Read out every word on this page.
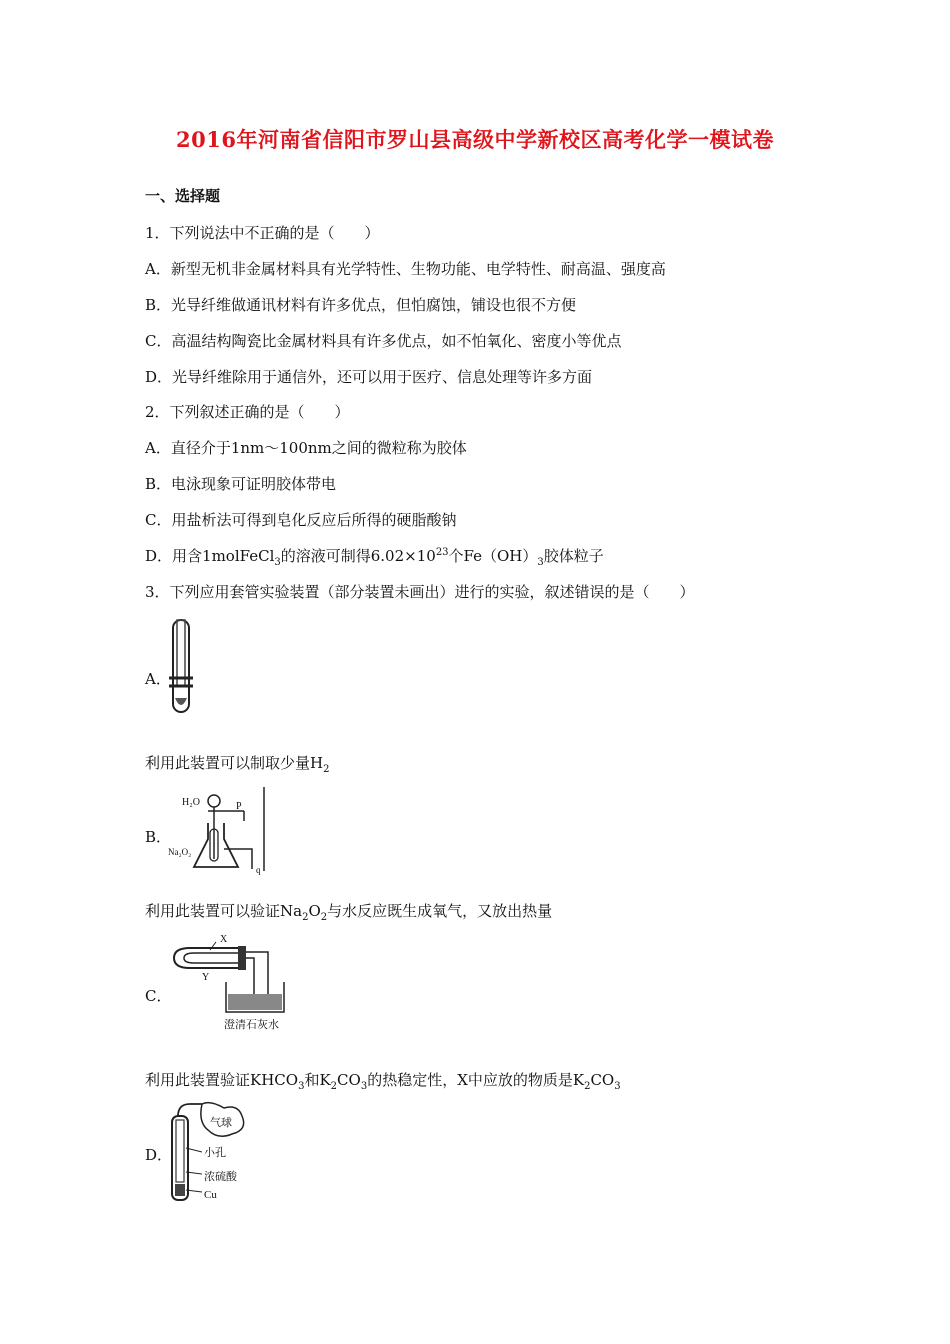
2016年河南省信阳市罗山县高级中学新校区高考化学一模试卷
一、选择题
1．下列说法中不正确的是（　　）
A．新型无机非金属材料具有光学特性、生物功能、电学特性、耐高温、强度高
B．光导纤维做通讯材料有许多优点，但怕腐蚀，铺设也很不方便
C．高温结构陶瓷比金属材料具有许多优点，如不怕氧化、密度小等优点
D．光导纤维除用于通信外，还可以用于医疗、信息处理等许多方面
2．下列叙述正确的是（　　）
A．直径介于1nm～100nm之间的微粒称为胶体
B．电泳现象可证明胶体带电
C．用盐析法可得到皂化反应后所得的硬脂酸钠
D．用含1molFeCl$_3$的溶液可制得$6.02\times 10^{23}$个$Fe(OH)_3$胶体粒子
3．下列应用套管实验装置（部分装置未画出）进行的实验，叙述错误的是（　　）
A．
利用此装置可以制取少量$H_2$
B．
H₂O	P
Na₂O₂
q
利用此装置可以验证$Na_2O_2$与水反应既生成氧气，又放出热量
C．
X
Y
澄清石灰水
利用此装置验证$KHCO_3$和$K_2CO_3$的热稳定性，X中应放的物质是$K_2CO_3$
D．
气球
小孔
浓硫酸
Cu
